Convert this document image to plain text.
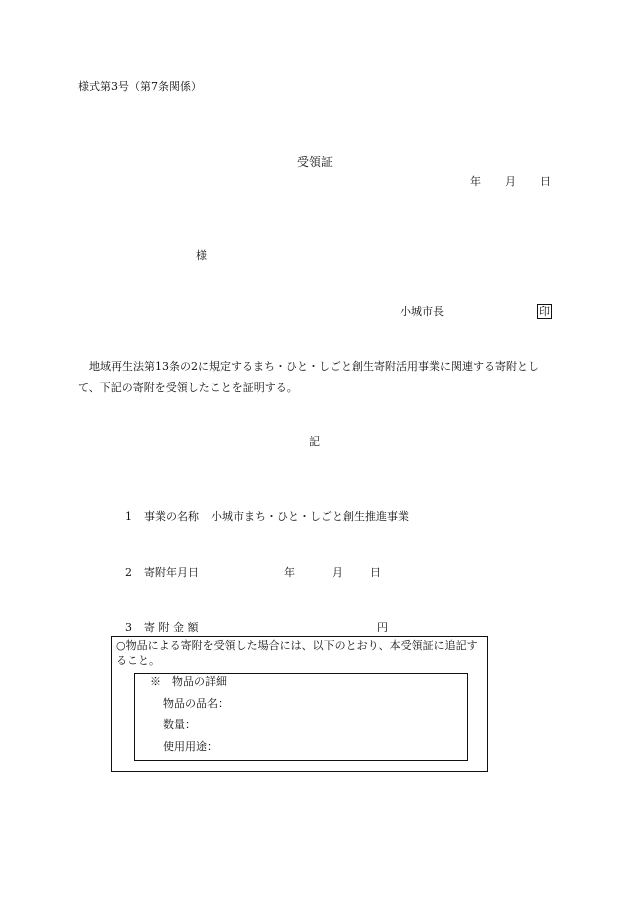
様式第3号（第7条関係）
受領証
年 月 日
様
小城市長	印
地域再生法第13条の2に規定するまち・ひと・しごと創生寄附活用事業に関連する寄附として、下記の寄附を受領したことを証明する。
記
1 事業の名称 小城市まち・ひと・しごと創生推進事業
2 寄附年月日	年	月 日
3 寄 附 金 額	円
○物品による寄附を受領した場合には、以下のとおり、本受領証に追記すること。
※　物品の詳細
物品の品名：
数量：
使用用途：
